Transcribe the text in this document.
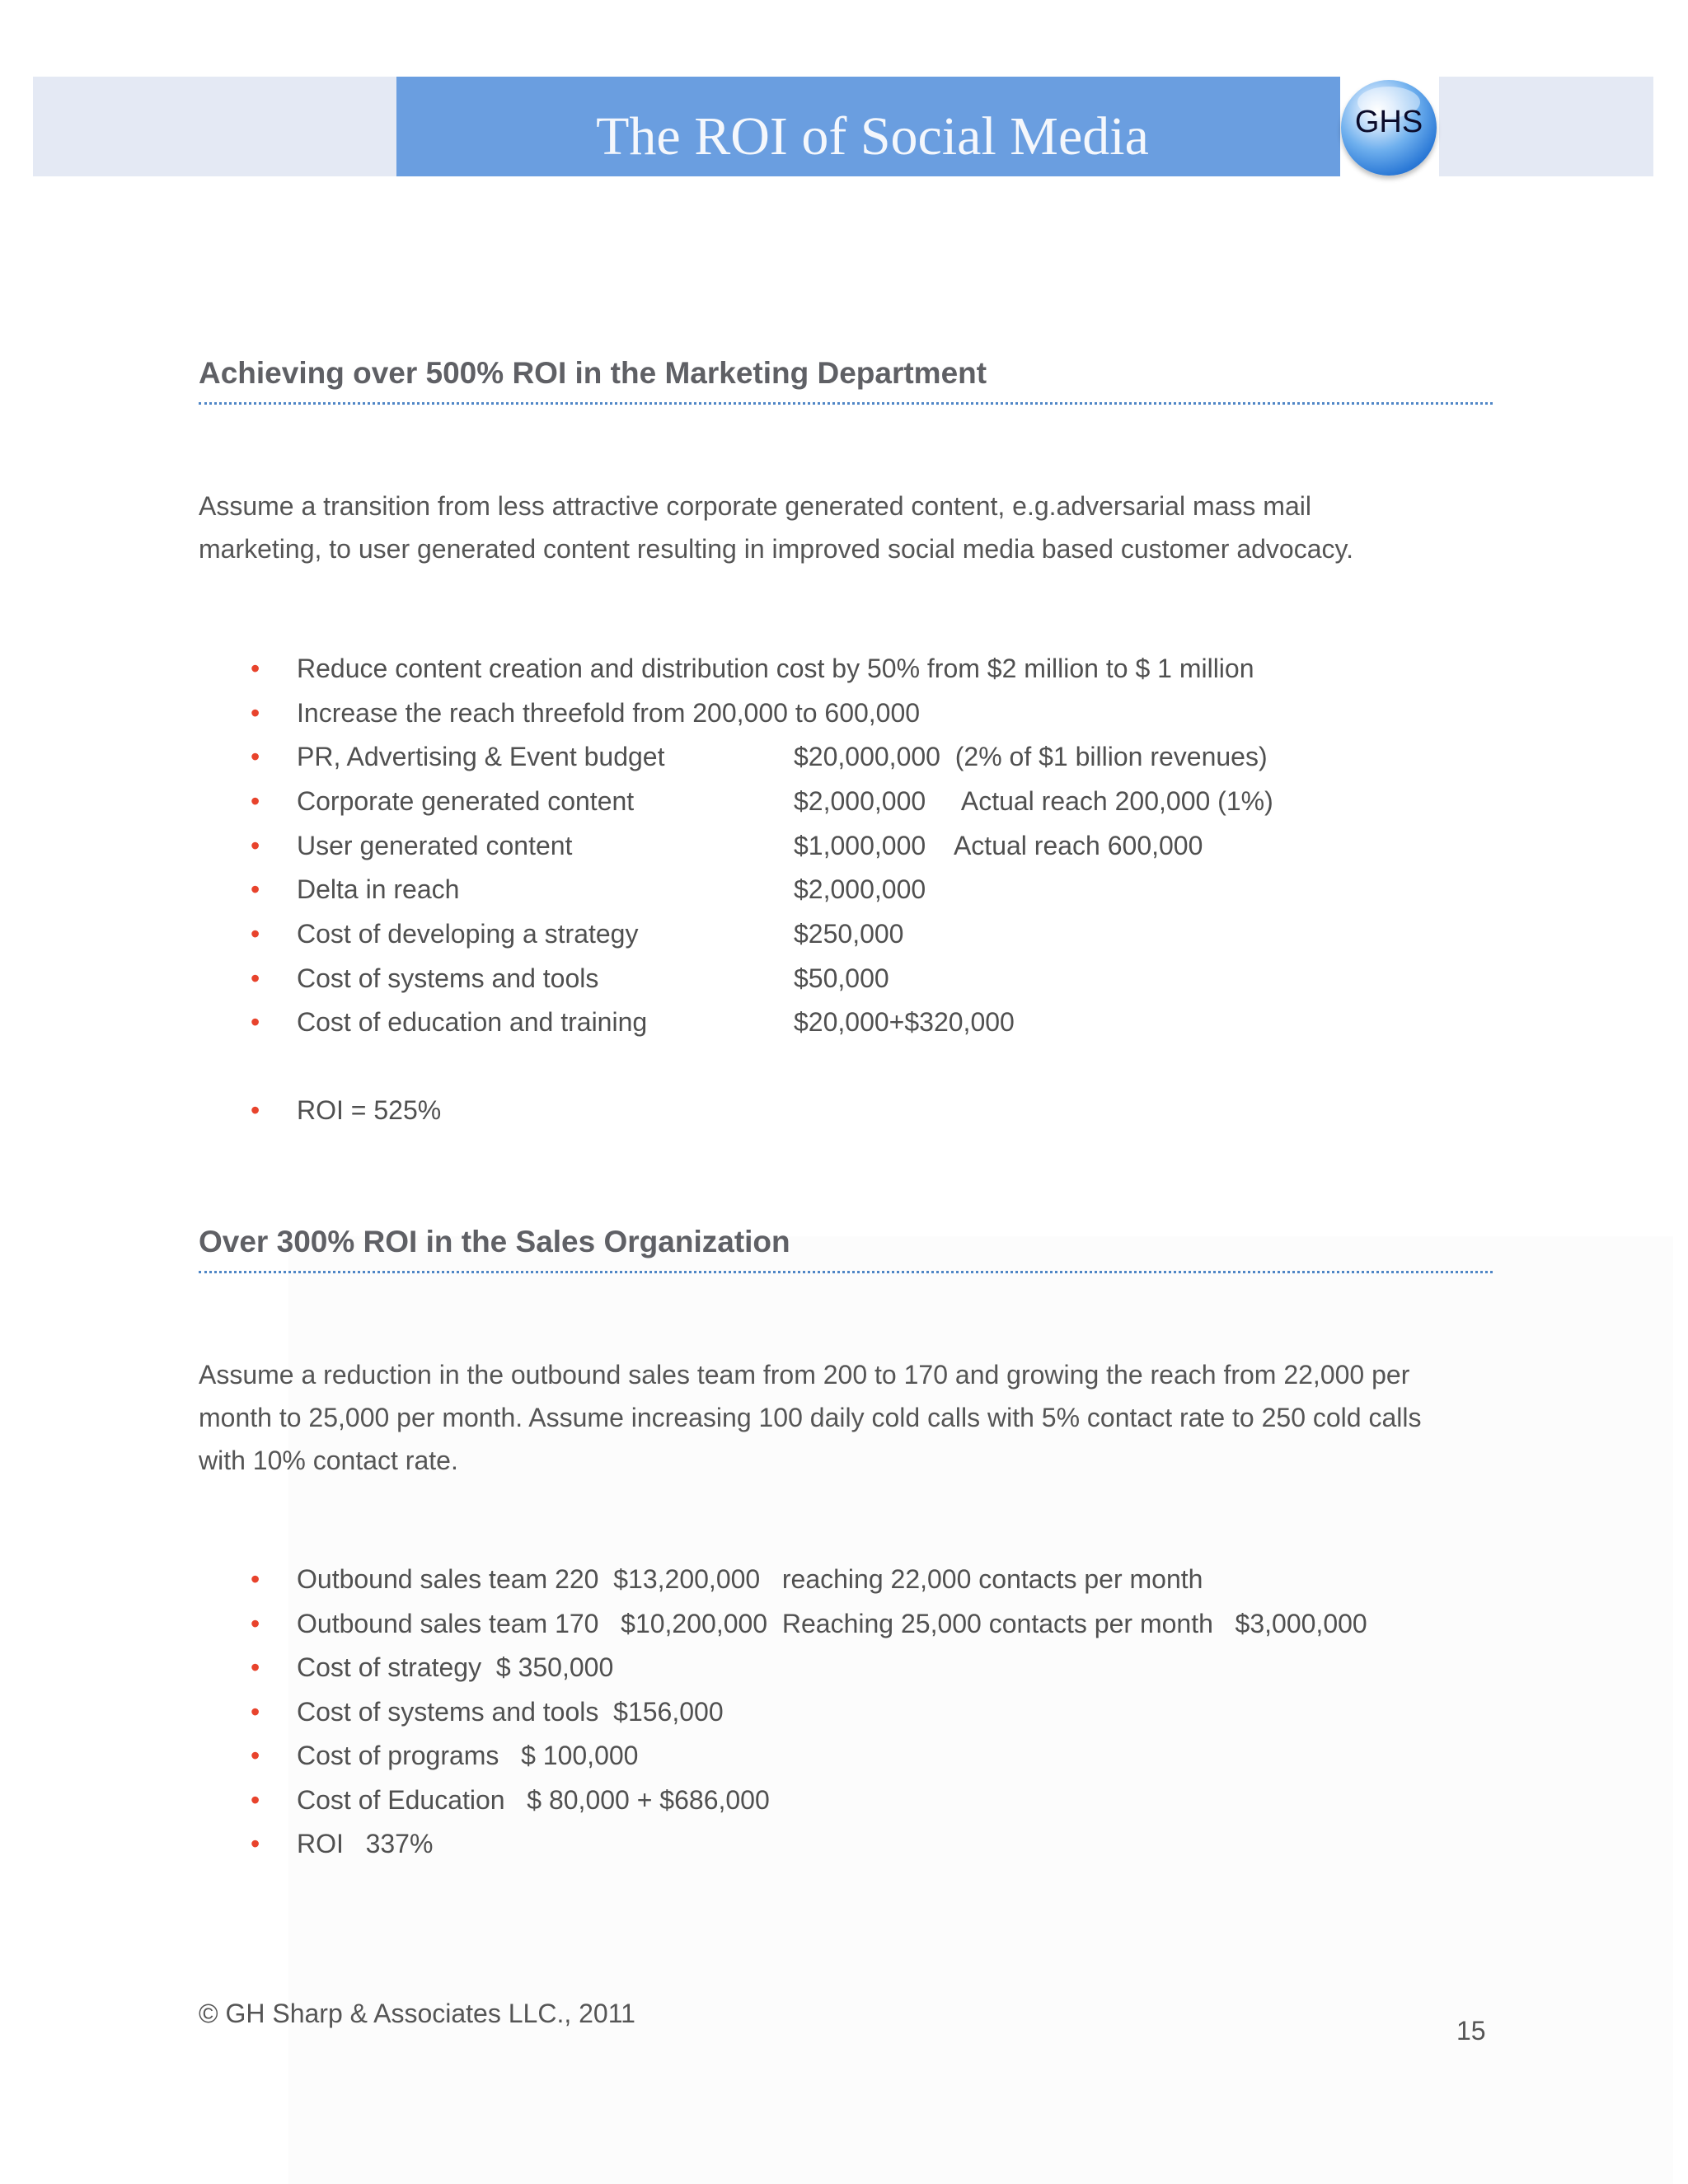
The ROI of Social Media	GHS
Achieving over 500% ROI in the Marketing Department
Assume a transition from less attractive corporate generated content, e.g.adversarial mass mail
marketing, to user generated content resulting in improved social media based customer advocacy.
• Reduce content creation and distribution cost by 50% from $2 million to $ 1 million
• Increase the reach threefold from 200,000 to 600,000
• PR, Advertising & Event budget	$20,000,000  (2% of $1 billion revenues)
• Corporate generated content	$2,000,000     Actual reach 200,000 (1%)
• User generated content	$1,000,000    Actual reach 600,000
• Delta in reach	$2,000,000
• Cost of developing a strategy	$250,000
• Cost of systems and tools	$50,000
• Cost of education and training	$20,000+$320,000
• ROI = 525%
Over 300% ROI in the Sales Organization
Assume a reduction in the outbound sales team from 200 to 170 and growing the reach from 22,000 per
month to 25,000 per month. Assume increasing 100 daily cold calls with 5% contact rate to 250 cold calls
with 10% contact rate.
• Outbound sales team 220  $13,200,000   reaching 22,000 contacts per month
• Outbound sales team 170   $10,200,000  Reaching 25,000 contacts per month   $3,000,000
• Cost of strategy  $ 350,000
• Cost of systems and tools  $156,000
• Cost of programs   $ 100,000
• Cost of Education   $ 80,000 + $686,000
• ROI   337%
© GH Sharp & Associates LLC., 2011
15
